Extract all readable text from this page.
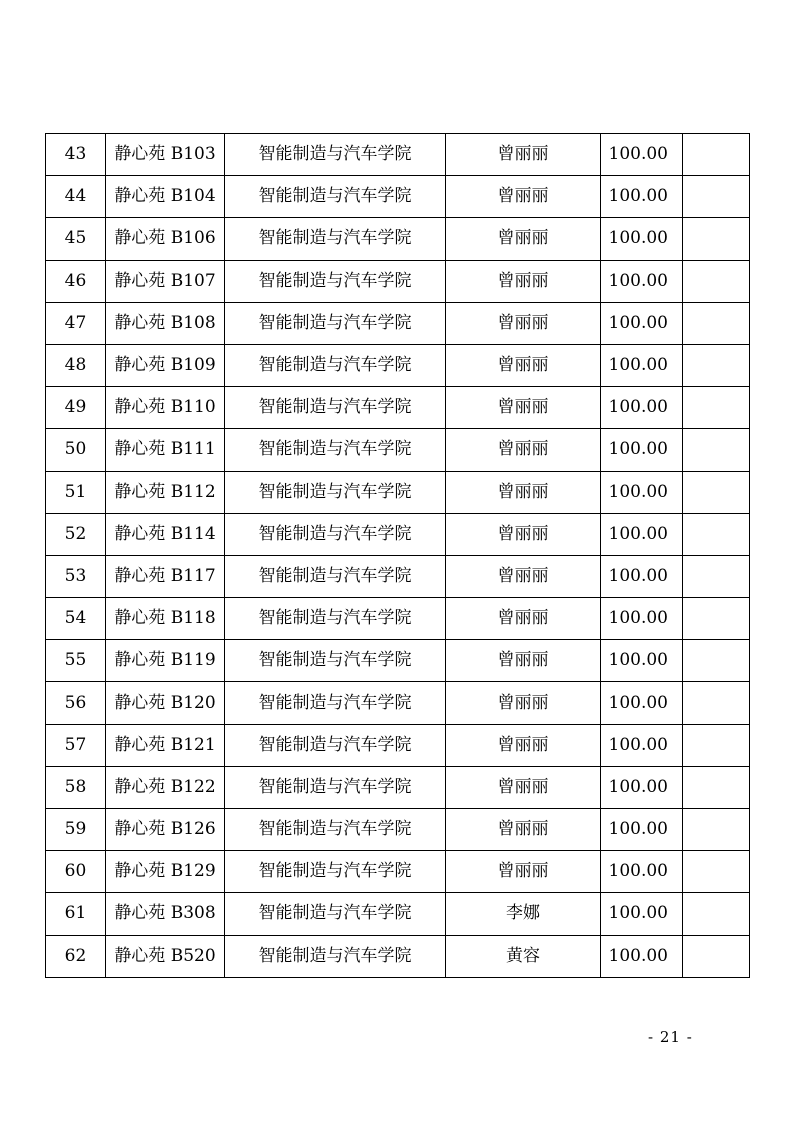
43	静心苑 B103	智能制造与汽车学院	曾丽丽	100.00	
44	静心苑 B104	智能制造与汽车学院	曾丽丽	100.00	
45	静心苑 B106	智能制造与汽车学院	曾丽丽	100.00	
46	静心苑 B107	智能制造与汽车学院	曾丽丽	100.00	
47	静心苑 B108	智能制造与汽车学院	曾丽丽	100.00	
48	静心苑 B109	智能制造与汽车学院	曾丽丽	100.00	
49	静心苑 B110	智能制造与汽车学院	曾丽丽	100.00	
50	静心苑 B111	智能制造与汽车学院	曾丽丽	100.00	
51	静心苑 B112	智能制造与汽车学院	曾丽丽	100.00	
52	静心苑 B114	智能制造与汽车学院	曾丽丽	100.00	
53	静心苑 B117	智能制造与汽车学院	曾丽丽	100.00	
54	静心苑 B118	智能制造与汽车学院	曾丽丽	100.00	
55	静心苑 B119	智能制造与汽车学院	曾丽丽	100.00	
56	静心苑 B120	智能制造与汽车学院	曾丽丽	100.00	
57	静心苑 B121	智能制造与汽车学院	曾丽丽	100.00	
58	静心苑 B122	智能制造与汽车学院	曾丽丽	100.00	
59	静心苑 B126	智能制造与汽车学院	曾丽丽	100.00	
60	静心苑 B129	智能制造与汽车学院	曾丽丽	100.00	
61	静心苑 B308	智能制造与汽车学院	李娜	100.00	
62	静心苑 B520	智能制造与汽车学院	黄容	100.00	
- 21 -
